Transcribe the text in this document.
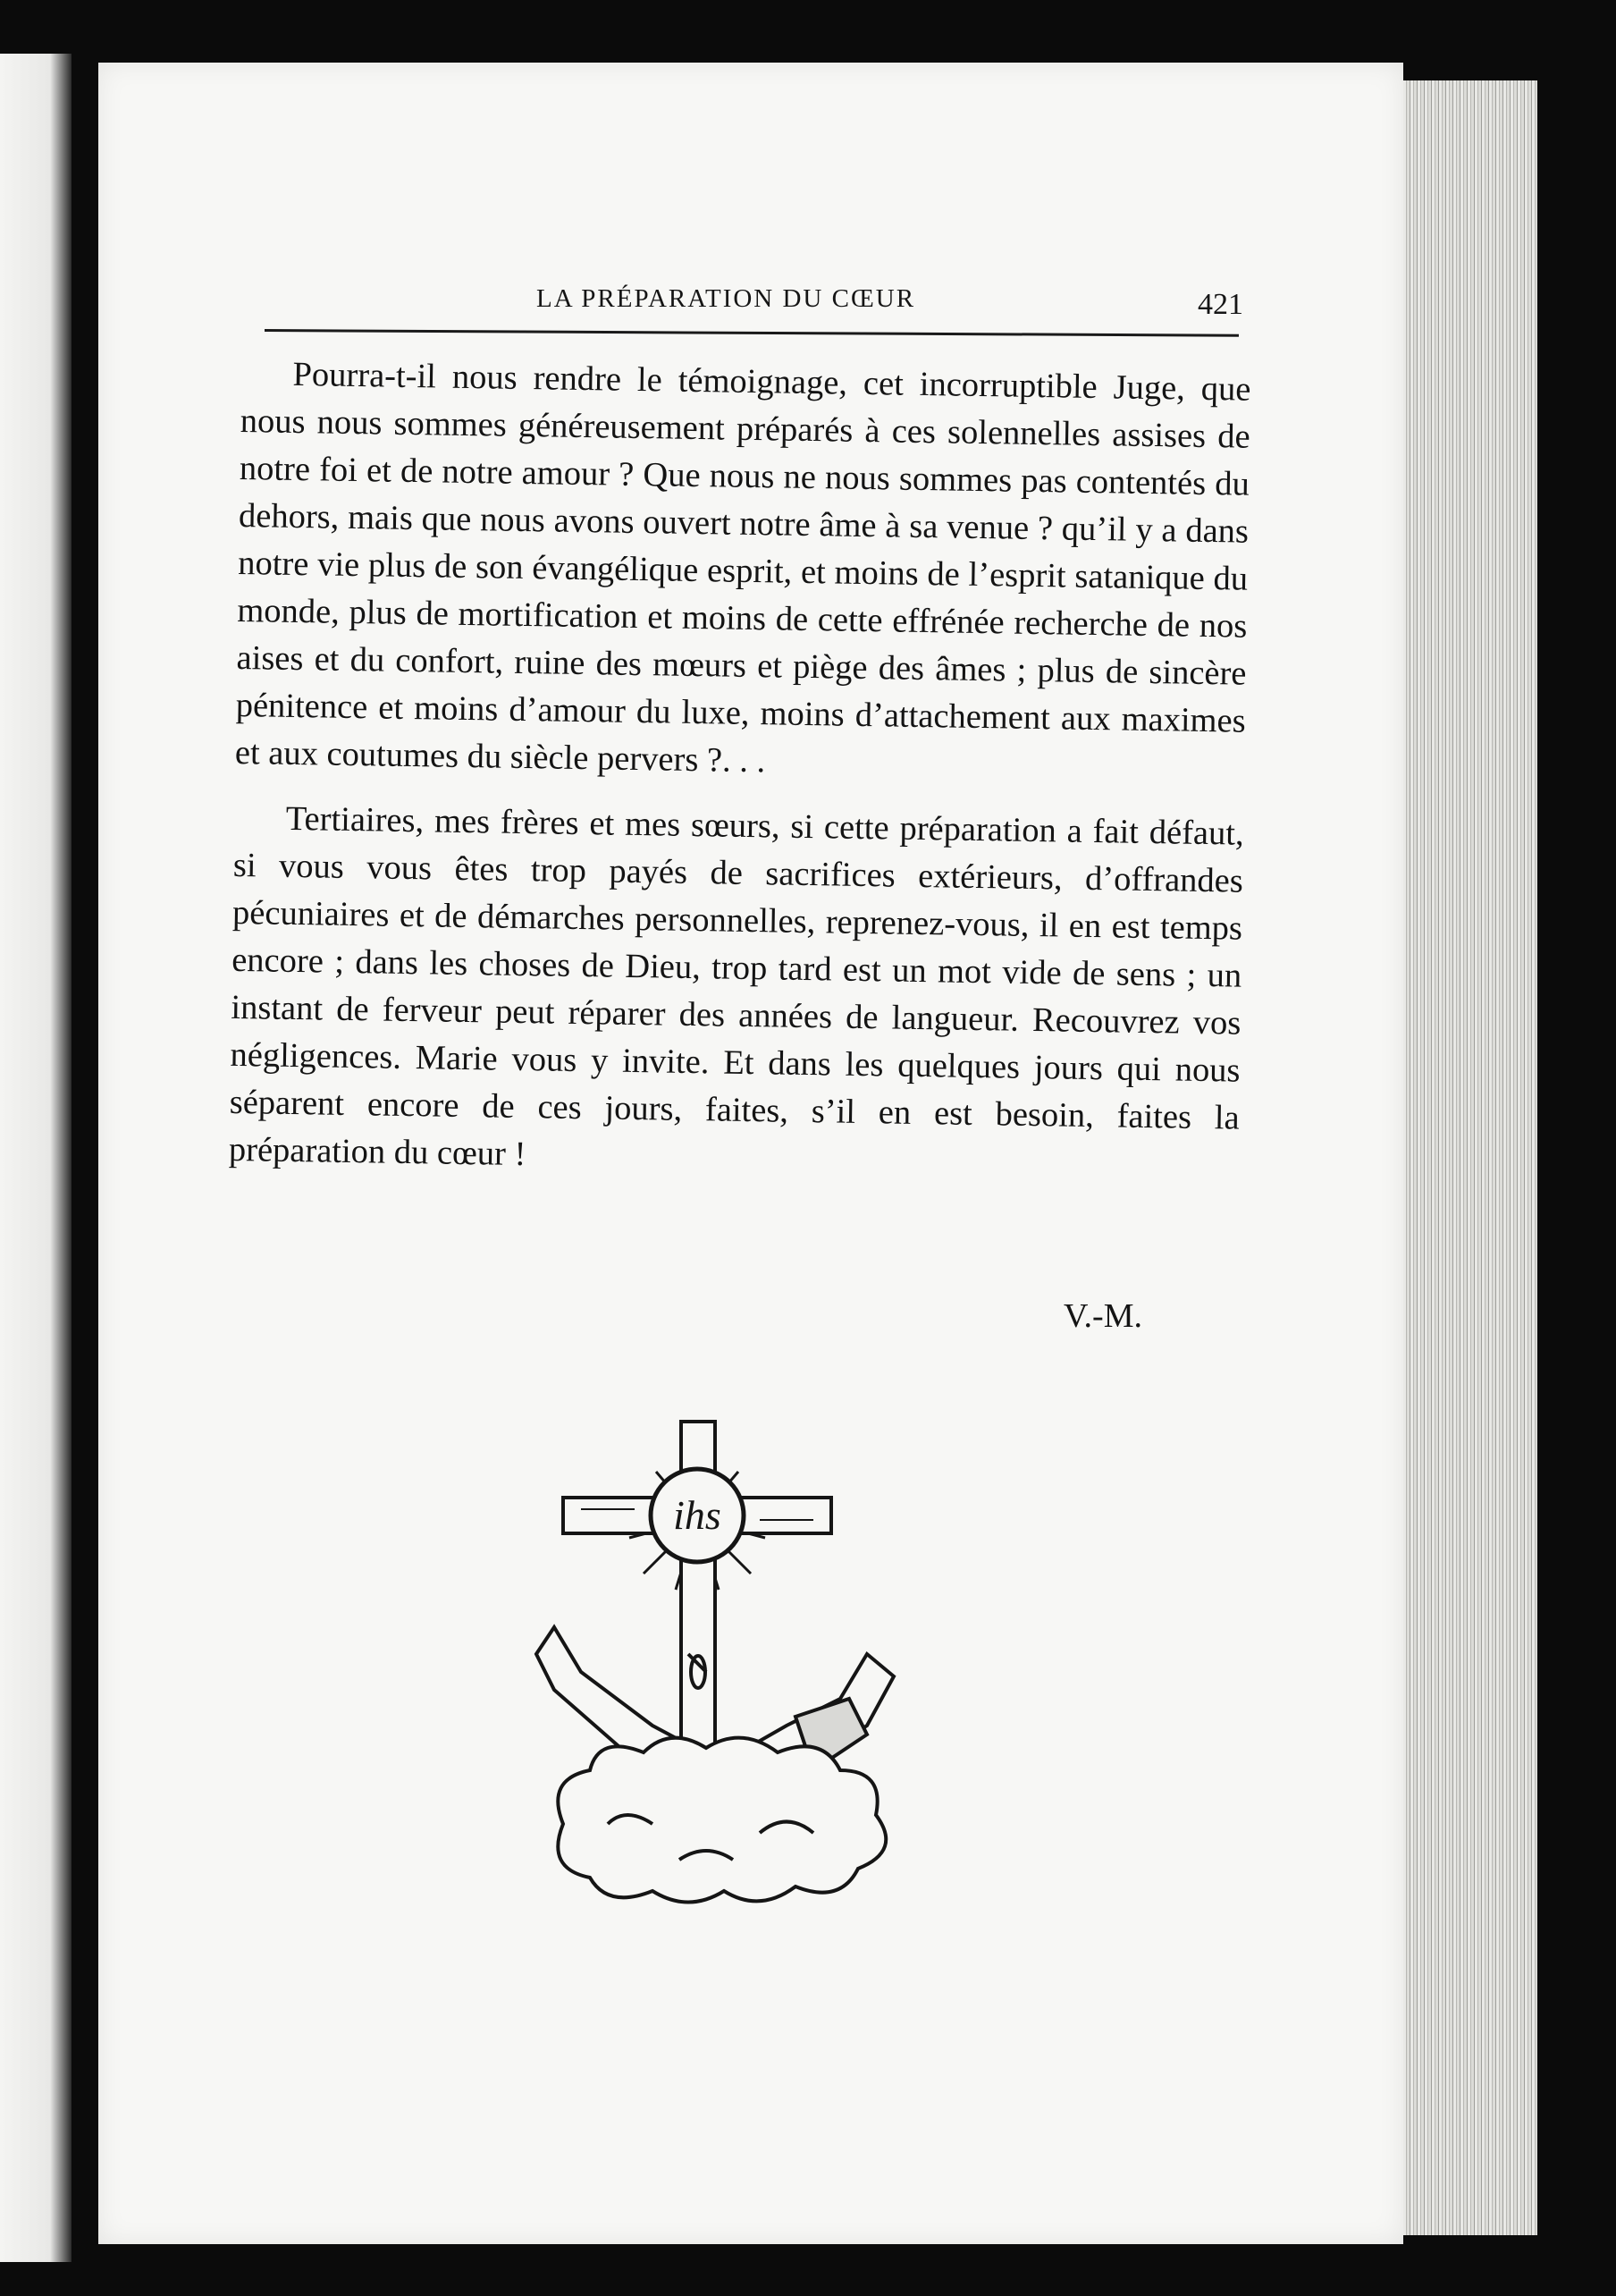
LA PRÉPARATION DU CŒUR	421

Pourra-t-il nous rendre le témoignage, cet incorruptible Juge, que nous nous sommes généreusement préparés à ces solennelles assises de notre foi et de notre amour ? Que nous ne nous sommes pas contentés du dehors, mais que nous avons ouvert notre âme à sa venue ? qu’il y a dans notre vie plus de son évangélique esprit, et moins de l’esprit satanique du monde, plus de mortification et moins de cette effrénée recherche de nos aises et du confort, ruine des mœurs et piège des âmes ; plus de sincère pénitence et moins d’amour du luxe, moins d’attachement aux maximes et aux coutumes du siècle pervers ?. . .

Tertiaires, mes frères et mes sœurs, si cette préparation a fait défaut, si vous vous êtes trop payés de sacrifices extérieurs, d’offrandes pécuniaires et de démarches personnelles, reprenez-vous, il en est temps encore ; dans les choses de Dieu, trop tard est un mot vide de sens ; un instant de ferveur peut réparer des années de langueur. Recouvrez vos négligences. Marie vous y invite. Et dans les quelques jours qui nous séparent encore de ces jours, faites, s’il en est besoin, faites la préparation du cœur !

V.-M.
ihs
